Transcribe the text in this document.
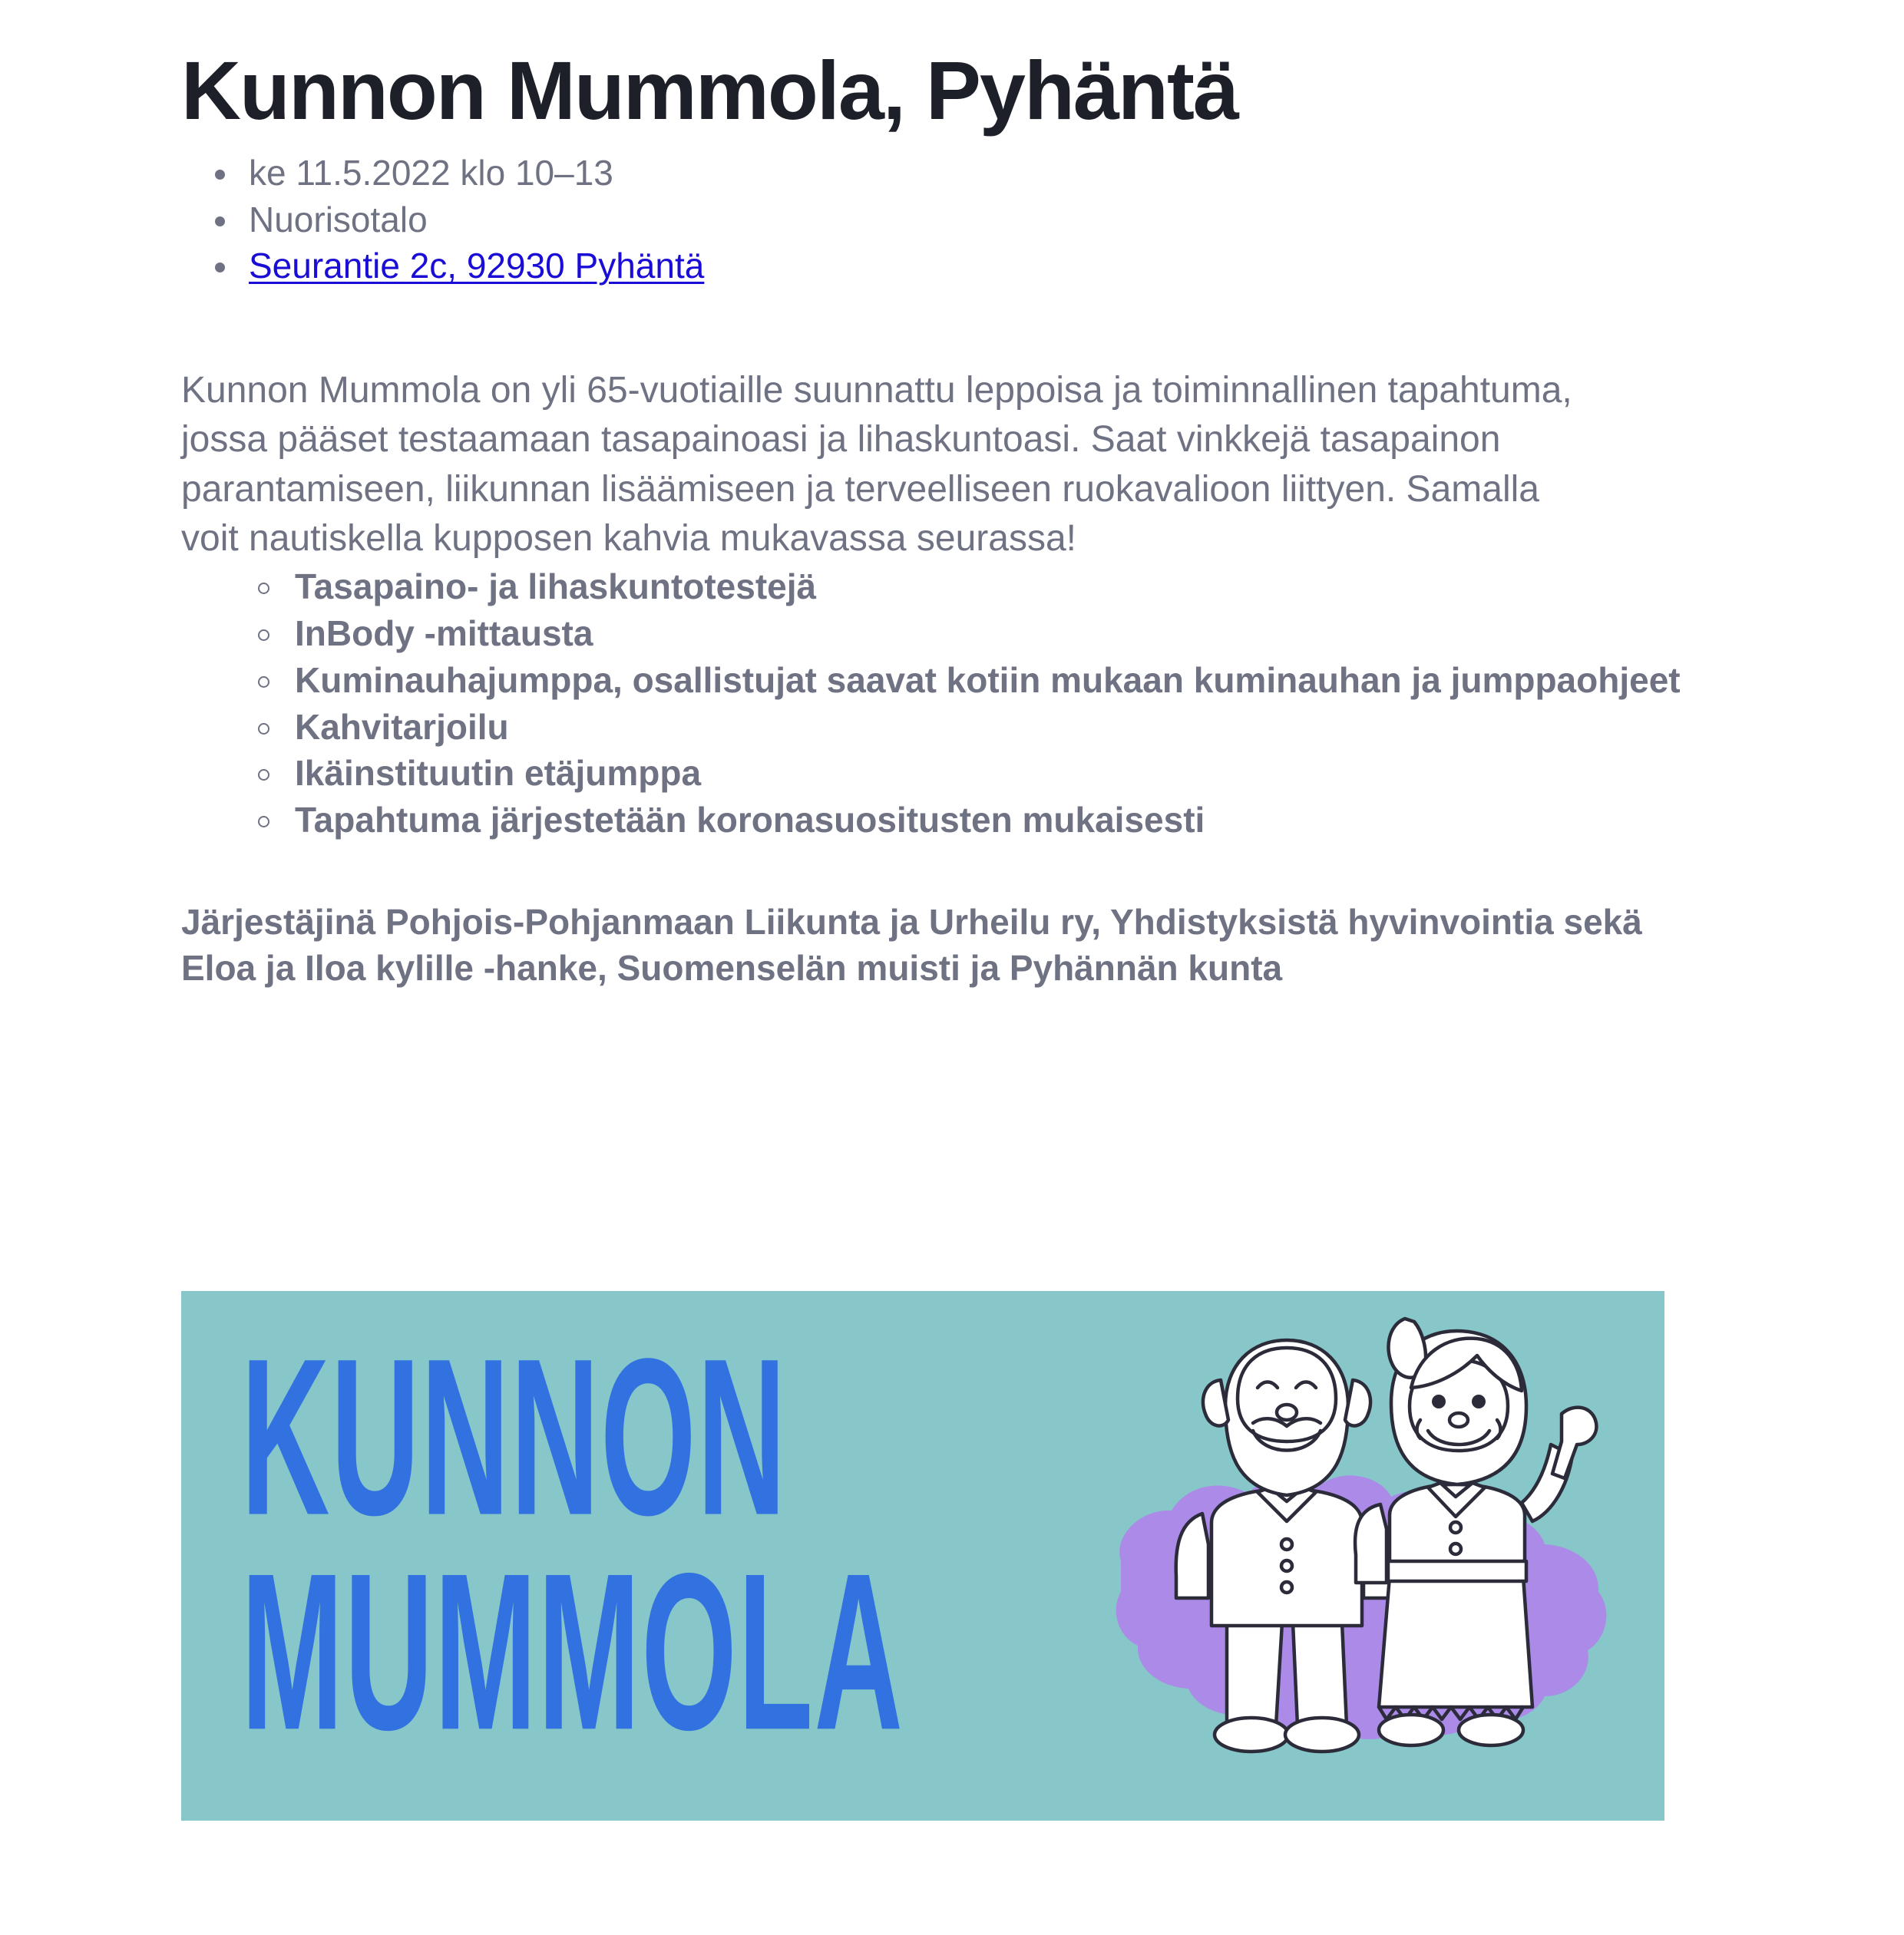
Kunnon Mummola, Pyhäntä
ke 11.5.2022 klo 10–13
Nuorisotalo
Seurantie 2c, 92930 Pyhäntä

Kunnon Mummola on yli 65-vuotiaille suunnattu leppoisa ja toiminnallinen tapahtuma, jossa pääset testaamaan tasapainoasi ja lihaskuntoasi. Saat vinkkejä tasapainon parantamiseen, liikunnan lisäämiseen ja terveelliseen ruokavalioon liittyen. Samalla voit nautiskella kupposen kahvia mukavassa seurassa!

Tasapaino- ja lihaskuntotestejä
InBody -mittausta
Kuminauhajumppa, osallistujat saavat kotiin mukaan kuminauhan ja jumppaohjeet
Kahvitarjoilu
Ikäinstituutin etäjumppa
Tapahtuma järjestetään koronasuositusten mukaisesti

Järjestäjinä Pohjois-Pohjanmaan Liikunta ja Urheilu ry, Yhdistyksistä hyvinvointia sekä Eloa ja Iloa kylille -hanke, Suomenselän muisti ja Pyhännän kunta

KUNNON
MUMMOLA
